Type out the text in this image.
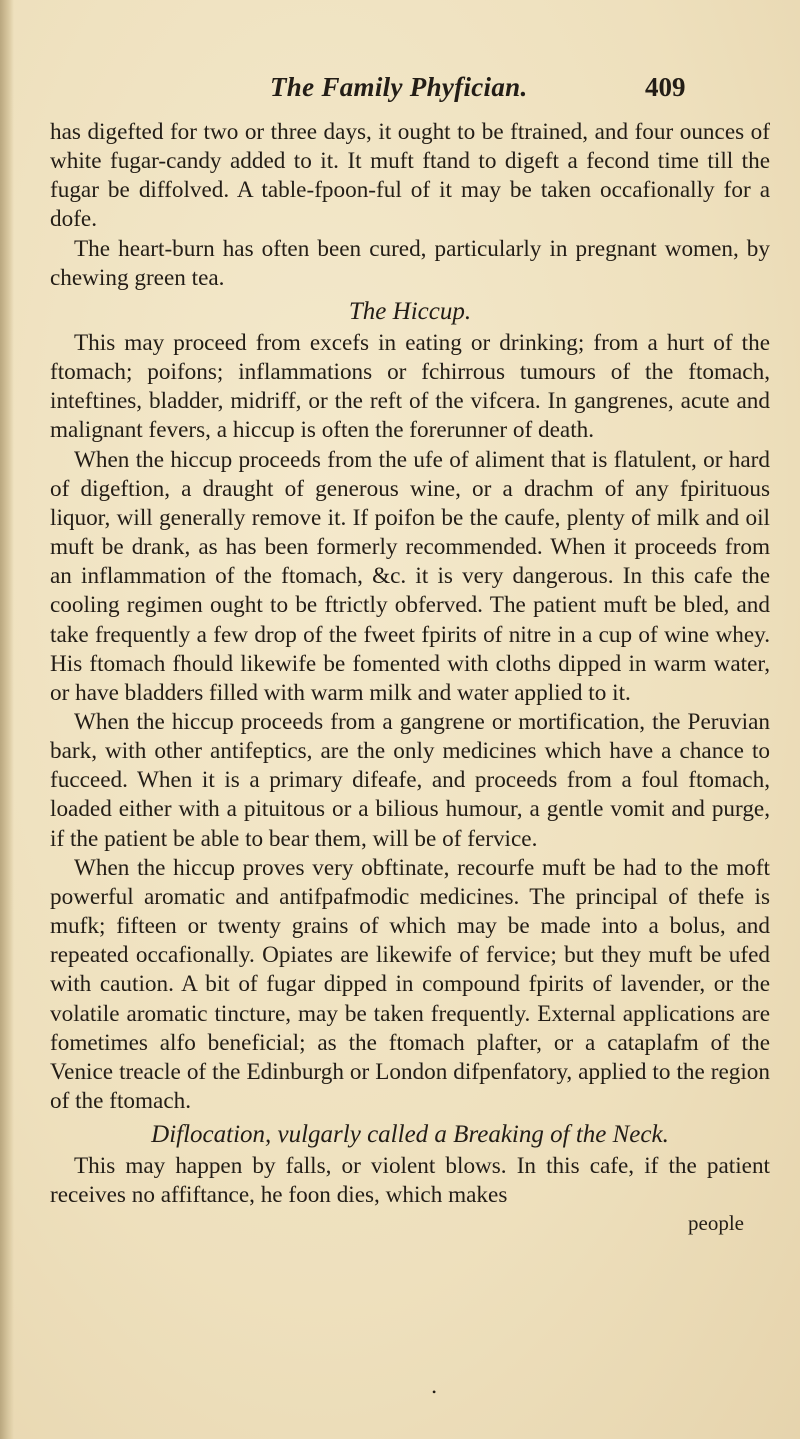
The Family Phyfician.	409

has digefted for two or three days, it ought to be ftrained, and four ounces of white fugar-candy added to it. It muft ftand to digeft a fecond time till the fugar be diffolved. A table-fpoon-ful of it may be taken occafionally for a dofe.

The heart-burn has often been cured, particularly in pregnant women, by chewing green tea.

The Hiccup.

This may proceed from excefs in eating or drinking; from a hurt of the ftomach; poifons; inflammations or fchirrous tumours of the ftomach, inteftines, bladder, midriff, or the reft of the vifcera. In gangrenes, acute and malignant fevers, a hiccup is often the forerunner of death.

When the hiccup proceeds from the ufe of aliment that is flatulent, or hard of digeftion, a draught of generous wine, or a drachm of any fpirituous liquor, will generally remove it. If poifon be the caufe, plenty of milk and oil muft be drank, as has been formerly recommended. When it proceeds from an inflammation of the ftomach, &c. it is very dangerous. In this cafe the cooling regimen ought to be ftrictly obferved. The patient muft be bled, and take frequently a few drop of the fweet fpirits of nitre in a cup of wine whey. His ftomach fhould likewife be fomented with cloths dipped in warm water, or have bladders filled with warm milk and water applied to it.

When the hiccup proceeds from a gangrene or mortification, the Peruvian bark, with other antifeptics, are the only medicines which have a chance to fucceed. When it is a primary difeafe, and proceeds from a foul ftomach, loaded either with a pituitous or a bilious humour, a gentle vomit and purge, if the patient be able to bear them, will be of fervice.

When the hiccup proves very obftinate, recourfe muft be had to the moft powerful aromatic and antifpafmodic medicines. The principal of thefe is mufk; fifteen or twenty grains of which may be made into a bolus, and repeated occafionally. Opiates are likewife of fervice; but they muft be ufed with caution. A bit of fugar dipped in compound fpirits of lavender, or the volatile aromatic tincture, may be taken frequently. External applications are fometimes alfo beneficial; as the ftomach plafter, or a cataplafm of the Venice treacle of the Edinburgh or London difpenfatory, applied to the region of the ftomach.

Diflocation, vulgarly called a Breaking of the Neck.

This may happen by falls, or violent blows. In this cafe, if the patient receives no affiftance, he foon dies, which makes

people
•
